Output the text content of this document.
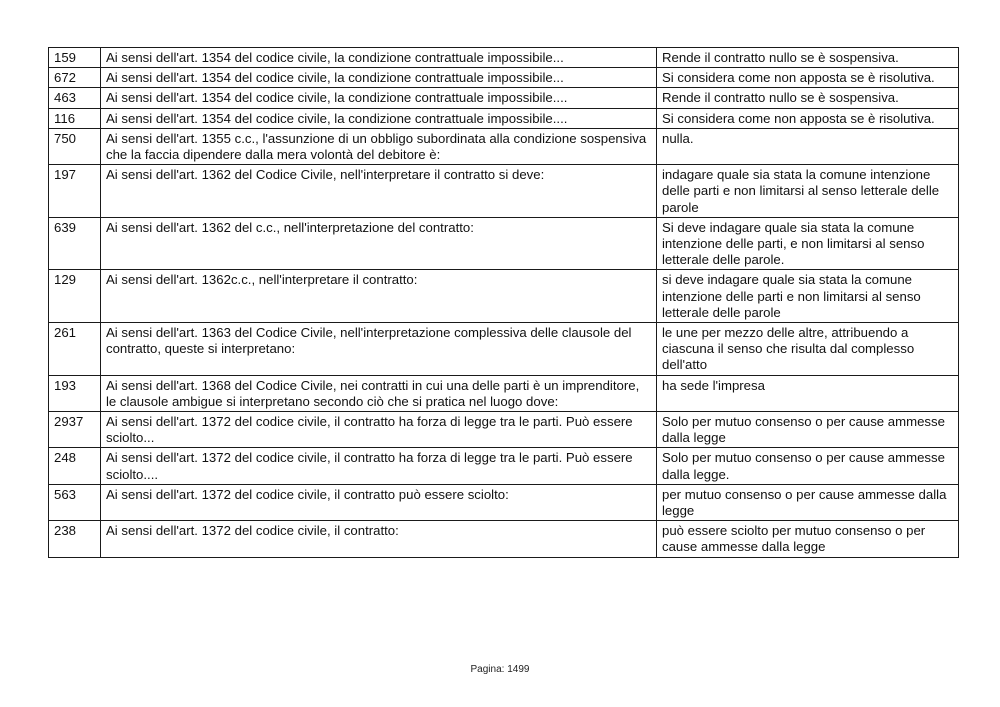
159	Ai sensi dell'art. 1354 del codice civile, la condizione contrattuale impossibile...	Rende il contratto nullo se è sospensiva.
672	Ai sensi dell'art. 1354 del codice civile, la condizione contrattuale impossibile...	Si considera come non apposta se è risolutiva.
463	Ai sensi dell'art. 1354 del codice civile, la condizione contrattuale impossibile....	Rende il contratto nullo se è sospensiva.
116	Ai sensi dell'art. 1354 del codice civile, la condizione contrattuale impossibile....	Si considera come non apposta se è risolutiva.
750	Ai sensi dell'art. 1355 c.c., l'assunzione di un obbligo subordinata alla condizione sospensiva che la faccia dipendere dalla mera volontà del debitore è:	nulla.
197	Ai sensi dell'art. 1362 del Codice Civile, nell'interpretare il contratto si deve:	indagare quale sia stata la comune intenzione delle parti e non limitarsi al senso letterale delle parole
639	Ai sensi dell'art. 1362 del c.c., nell'interpretazione del contratto:	Si deve indagare quale sia stata la comune intenzione delle parti, e non limitarsi al senso letterale delle parole.
129	Ai sensi dell'art. 1362c.c., nell'interpretare il contratto:	si deve indagare quale sia stata la comune intenzione delle parti e non limitarsi al senso letterale delle parole
261	Ai sensi dell'art. 1363 del Codice Civile, nell'interpretazione complessiva delle clausole del contratto, queste si interpretano:	le une per mezzo delle altre, attribuendo a ciascuna il senso che risulta dal complesso dell'atto
193	Ai sensi dell'art. 1368 del Codice Civile, nei contratti in cui una delle parti è un imprenditore, le clausole ambigue si interpretano secondo ciò che si pratica nel luogo dove:	ha sede l'impresa
2937	Ai sensi dell'art. 1372 del codice civile, il contratto ha forza di legge tra le parti. Può essere sciolto...	Solo per mutuo consenso o per cause ammesse dalla legge
248	Ai sensi dell'art. 1372 del codice civile, il contratto ha forza di legge tra le parti. Può essere sciolto....	Solo per mutuo consenso o per cause ammesse dalla legge.
563	Ai sensi dell'art. 1372 del codice civile, il contratto può essere sciolto:	per mutuo consenso o per cause ammesse dalla legge
238	Ai sensi dell'art. 1372 del codice civile, il contratto:	può essere sciolto per mutuo consenso o per cause ammesse dalla legge
Pagina: 1499
